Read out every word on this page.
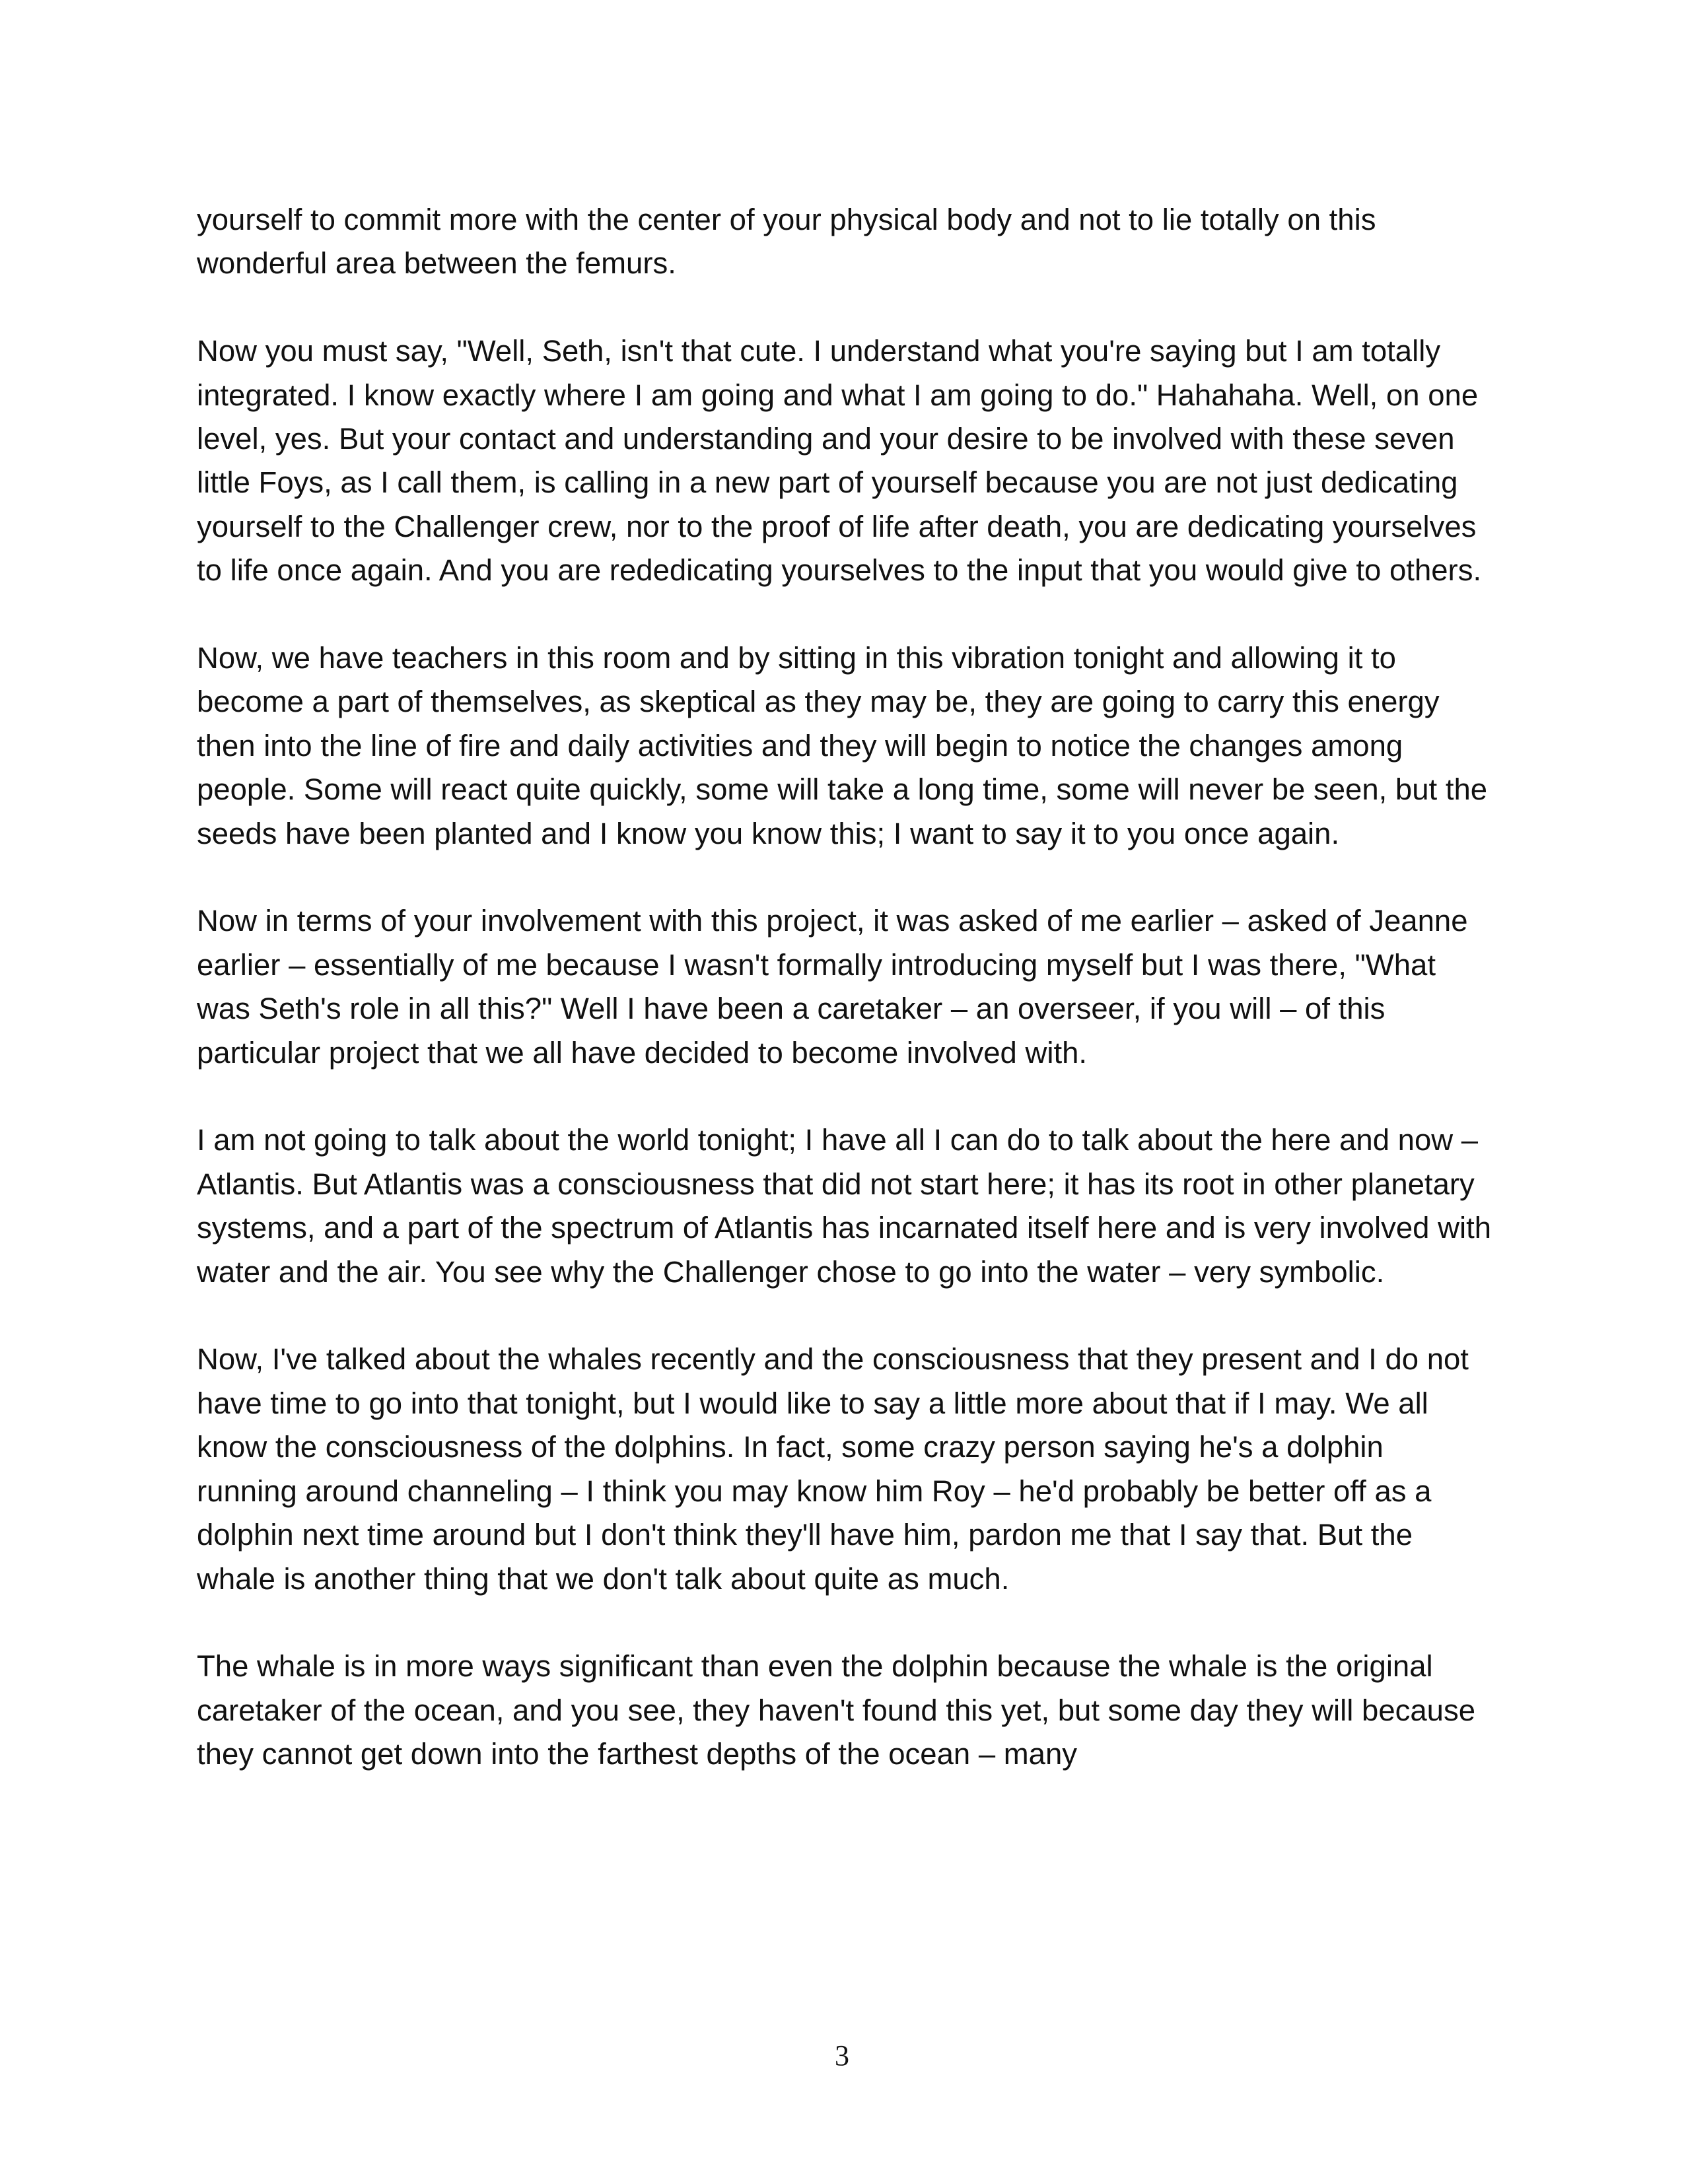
yourself to commit more with the center of your physical body and not to lie totally on this wonderful area between the femurs.

Now you must say, "Well, Seth, isn't that cute. I understand what you're saying but I am totally integrated. I know exactly where I am going and what I am going to do." Hahahaha. Well, on one level, yes. But your contact and understanding and your desire to be involved with these seven little Foys, as I call them, is calling in a new part of yourself because you are not just dedicating yourself to the Challenger crew, nor to the proof of life after death, you are dedicating yourselves to life once again. And you are rededicating yourselves to the input that you would give to others.

Now, we have teachers in this room and by sitting in this vibration tonight and allowing it to become a part of themselves, as skeptical as they may be, they are going to carry this energy then into the line of fire and daily activities and they will begin to notice the changes among people. Some will react quite quickly, some will take a long time, some will never be seen, but the seeds have been planted and I know you know this; I want to say it to you once again.

Now in terms of your involvement with this project, it was asked of me earlier – asked of Jeanne earlier – essentially of me because I wasn't formally introducing myself but I was there, "What was Seth's role in all this?" Well I have been a caretaker – an overseer, if you will – of this particular project that we all have decided to become involved with.

I am not going to talk about the world tonight; I have all I can do to talk about the here and now – Atlantis. But Atlantis was a consciousness that did not start here; it has its root in other planetary systems, and a part of the spectrum of Atlantis has incarnated itself here and is very involved with water and the air. You see why the Challenger chose to go into the water – very symbolic.

Now, I've talked about the whales recently and the consciousness that they present and I do not have time to go into that tonight, but I would like to say a little more about that if I may. We all know the consciousness of the dolphins. In fact, some crazy person saying he's a dolphin running around channeling – I think you may know him Roy – he'd probably be better off as a dolphin next time around but I don't think they'll have him, pardon me that I say that. But the whale is another thing that we don't talk about quite as much.

The whale is in more ways significant than even the dolphin because the whale is the original caretaker of the ocean, and you see, they haven't found this yet, but some day they will because they cannot get down into the farthest depths of the ocean – many

3
